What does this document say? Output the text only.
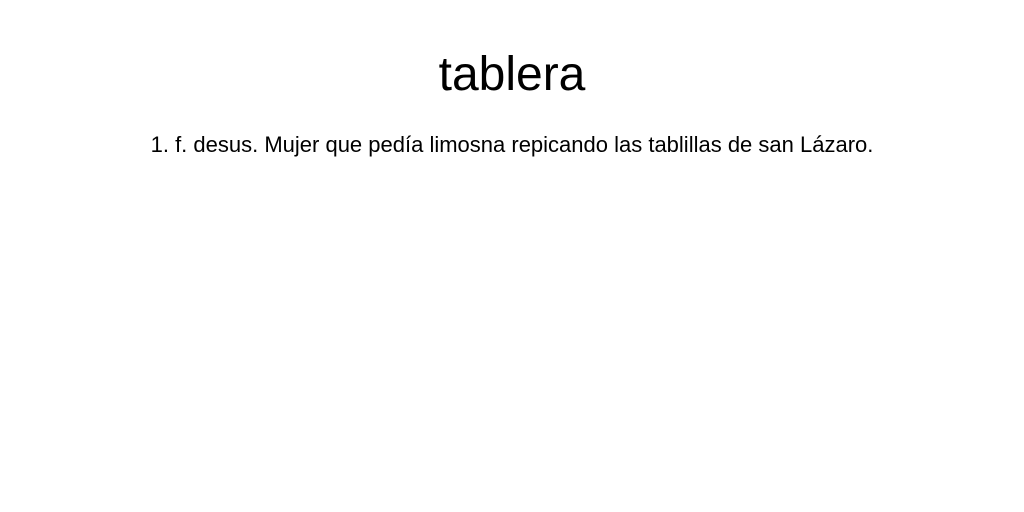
tablera

1. f. desus. Mujer que pedía limosna repicando las tablillas de san Lázaro.
